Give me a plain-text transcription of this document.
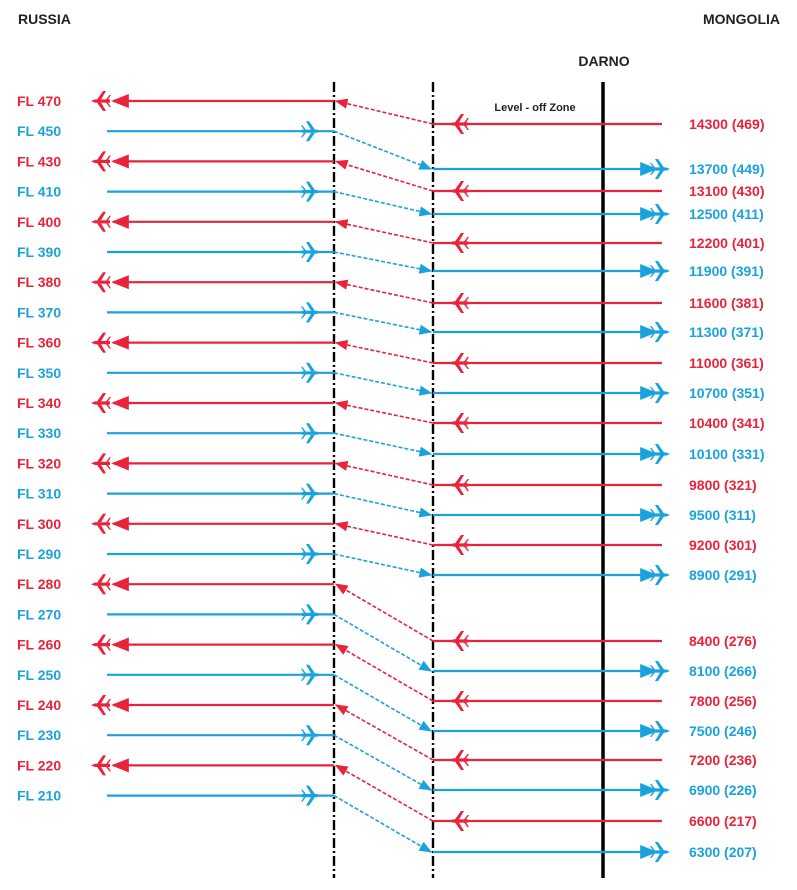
RUSSIA	MONGOLIA
DARNO
Level - off Zone
FL 470
14300 (469)
FL 450
13700 (449)
FL 430
13100 (430)
FL 410
12500 (411)
FL 400
12200 (401)
FL 390
11900 (391)
FL 380
11600 (381)
FL 370
11300 (371)
FL 360
11000 (361)
FL 350
10700 (351)
FL 340
10400 (341)
FL 330
10100 (331)
FL 320
9800 (321)
FL 310
9500 (311)
FL 300
9200 (301)
FL 290
8900 (291)
FL 280
8400 (276)
FL 270
8100 (266)
FL 260
7800 (256)
FL 250
7500 (246)
FL 240
7200 (236)
FL 230
6900 (226)
FL 220
6600 (217)
FL 210
6300 (207)
